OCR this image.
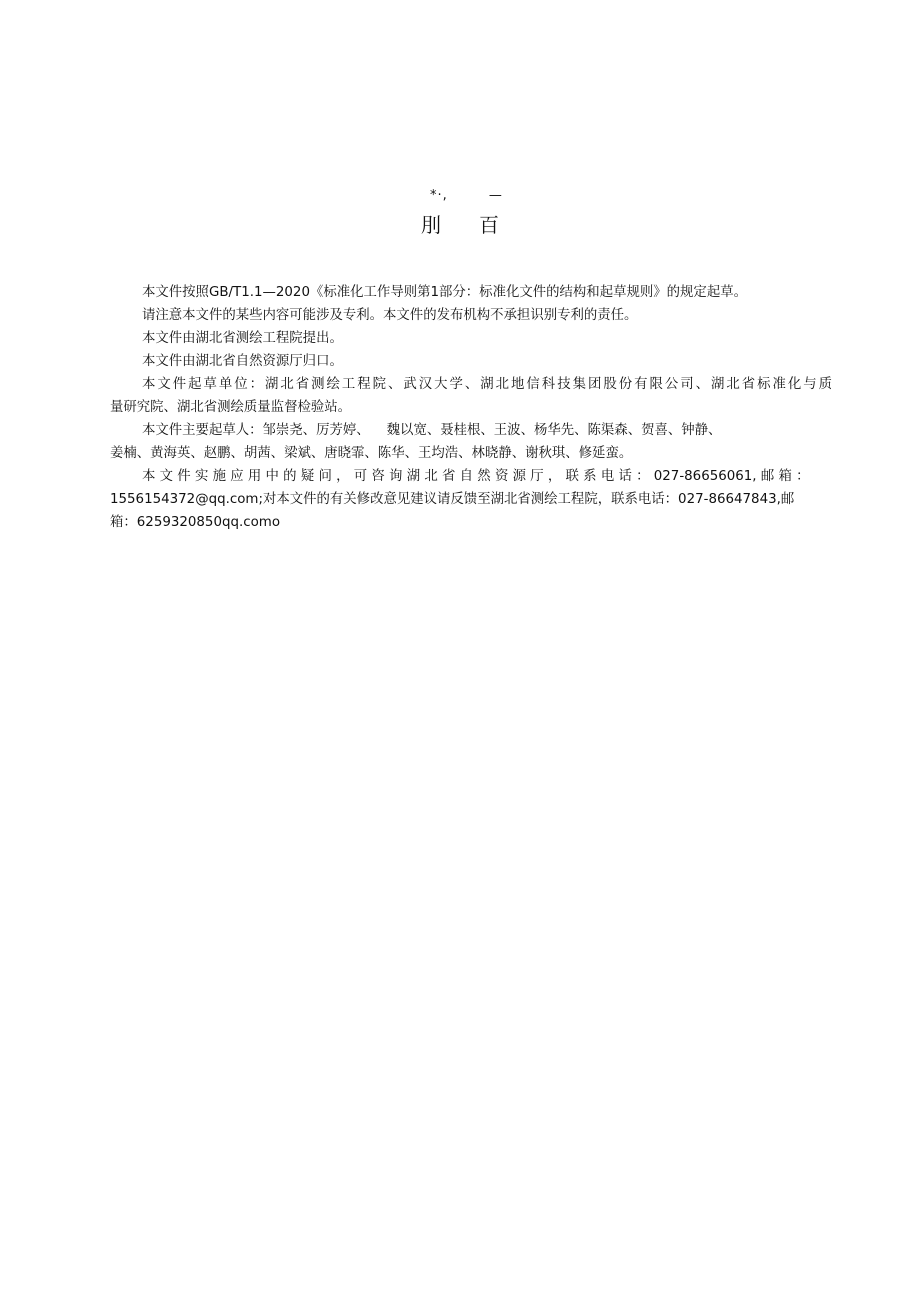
*·,        —
刖 百
本文件按照GB/T1.1—2020《标准化工作导则第1部分：标准化文件的结构和起草规则》的规定起草。
请注意本文件的某些内容可能涉及专利。本文件的发布机构不承担识别专利的责任。
本文件由湖北省测绘工程院提出。
本文件由湖北省自然资源厅归口。
本文件起草单位：湖北省测绘工程院、武汉大学、湖北地信科技集团股份有限公司、湖北省标准化与质
量研究院、湖北省测绘质量监督检验站。
本文件主要起草人：邹崇尧、厉芳婷、    魏以宽、聂桂根、王波、杨华先、陈渠森、贺喜、钟静、
姜楠、黄海英、赵鹏、胡茜、梁斌、唐晓霏、陈华、王均浩、林晓静、谢秋琪、修延蛮。
本 文 件 实 施 应 用 中 的 疑 问 ， 可 咨 询 湖 北 省 自 然 资 源 厅 ， 联 系 电 话 ： 027-86656061, 邮 箱 ：
1556154372@qq.com;对本文件的有关修改意见建议请反馈至湖北省测绘工程院，联系电话：027-86647843,邮
箱：6259320850qq.como
